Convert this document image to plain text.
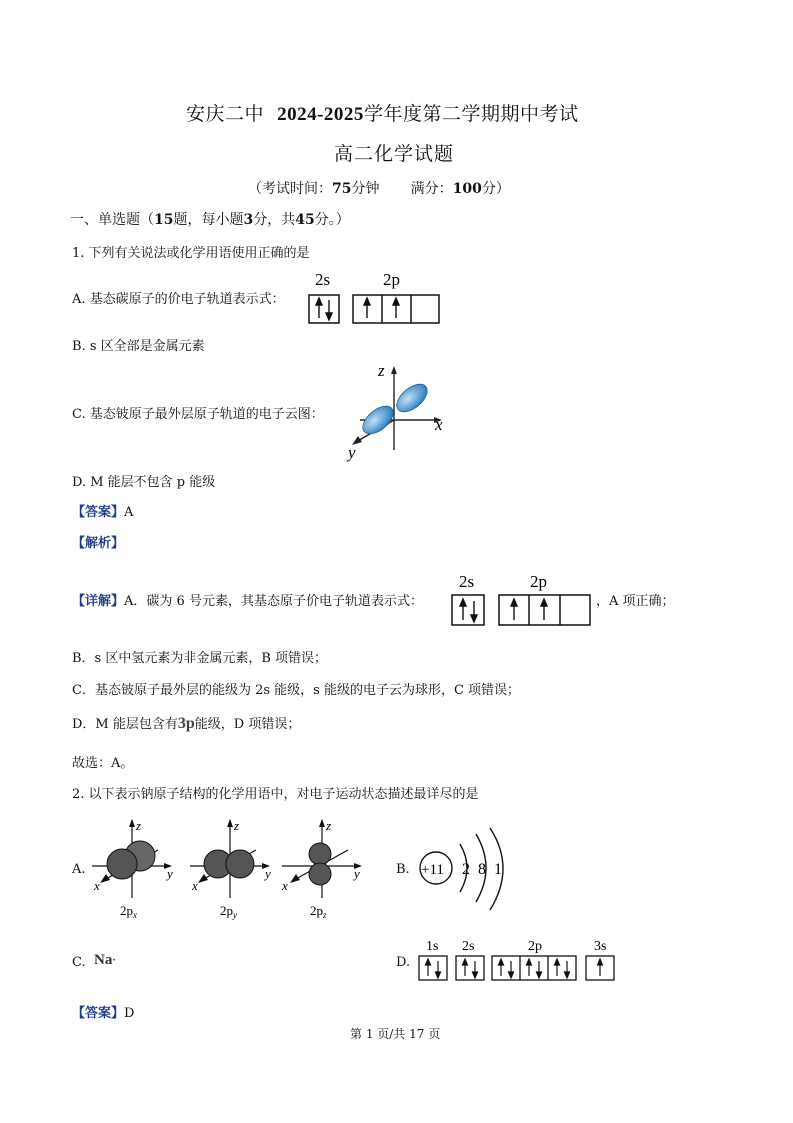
安庆二中 2024-2025学年度第二学期期中考试
高二化学试题
（考试时间：75分钟 满分：100分）
一、单选题（15题，每小题3分，共45分。）
1. 下列有关说法或化学用语使用正确的是
A. 基态碳原子的价电子轨道表示式：
2s	2p
B. s 区全部是金属元素
C. 基态铍原子最外层原子轨道的电子云图：
z
x
y
D. M 能层不包含 p 能级
【答案】A
【解析】
【详解】A．碳为 6 号元素，其基态原子价电子轨道表示式：
2s	2p
，A 项正确；
B．s 区中氢元素为非金属元素，B 项错误；
C．基态铍原子最外层的能级为 2s 能级，s 能级的电子云为球形，C 项错误；
D．M 能层包含有3p能级，D 项错误；
故选：A。
2. 以下表示钠原子结构的化学用语中，对电子运动状态描述最详尽的是
A.
z
y
x
$2p_x$
z
y
x
$2p_y$
z
y
x
$2p_z$
B. +11 2 8 1
C. Na·	D.
1s 2s	2p	3s
【答案】D
第 1 页/共 17 页
